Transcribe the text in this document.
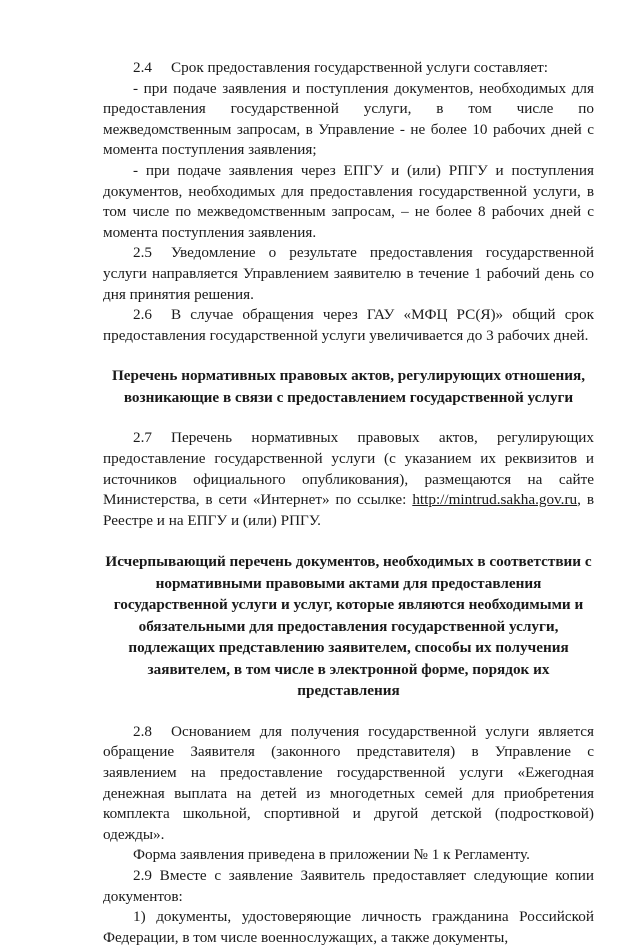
2.4 Срок предоставления государственной услуги составляет:

- при подаче заявления и поступления документов, необходимых для предоставления государственной услуги, в том числе по межведомственным запросам, в Управление - не более 10 рабочих дней с момента поступления заявления;

- при подаче заявления через ЕПГУ и (или) РПГУ и поступления документов, необходимых для предоставления государственной услуги, в том числе по межведомственным запросам, – не более 8 рабочих дней с момента поступления заявления.

2.5 Уведомление о результате предоставления государственной услуги направляется Управлением заявителю в течение 1 рабочий день со дня принятия решения.

2.6 В случае обращения через ГАУ «МФЦ РС(Я)» общий срок предоставления государственной услуги увеличивается до 3 рабочих дней.

Перечень нормативных правовых актов, регулирующих отношения, возникающие в связи с предоставлением государственной услуги

2.7 Перечень нормативных правовых актов, регулирующих предоставление государственной услуги (с указанием их реквизитов и источников официального опубликования), размещаются на сайте Министерства, в сети «Интернет» по ссылке: http://mintrud.sakha.gov.ru, в Реестре и на ЕПГУ и (или) РПГУ.

Исчерпывающий перечень документов, необходимых в соответствии с нормативными правовыми актами для предоставления государственной услуги и услуг, которые являются необходимыми и обязательными для предоставления государственной услуги, подлежащих представлению заявителем, способы их получения заявителем, в том числе в электронной форме, порядок их представления

2.8 Основанием для получения государственной услуги является обращение Заявителя (законного представителя) в Управление с заявлением на предоставление государственной услуги «Ежегодная денежная выплата на детей из многодетных семей для приобретения комплекта школьной, спортивной и другой детской (подростковой) одежды».

Форма заявления приведена в приложении № 1 к Регламенту.

2.9 Вместе с заявление Заявитель предоставляет следующие копии документов:

1) документы, удостоверяющие личность гражданина Российской Федерации, в том числе военнослужащих, а также документы,
